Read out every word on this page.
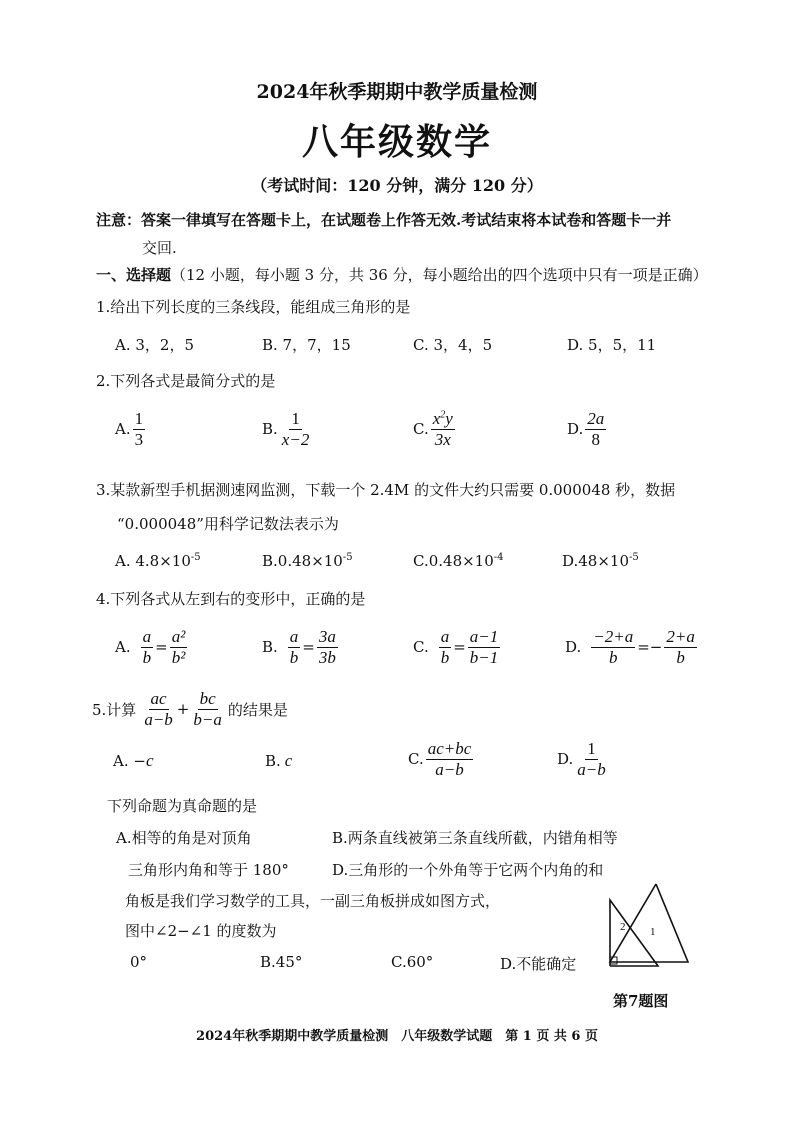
2024年秋季期期中教学质量检测
八年级数学
（考试时间：120 分钟，满分 120 分）
注意：答案一律填写在答题卡上，在试题卷上作答无效.考试结束将本试卷和答题卡一并
交回.
一、选择题（12 小题，每小题 3 分，共 36 分，每小题给出的四个选项中只有一项是正确）
1.给出下列长度的三条线段，能组成三角形的是
A. 3，2，5	B. 7，7，15	C. 3，4，5	D. 5，5，11
2.下列各式是最简分式的是
A. $\frac{1}{3}$	B. $\frac{1}{x-2}$	C. $\frac{x^2y}{3x}$	D. $\frac{2a}{8}$
3.某款新型手机据测速网监测，下载一个 2.4M 的文件大约只需要 0.000048 秒，数据
“0.000048”用科学记数法表示为
A. $4.8\times 10^{-5}$	$B.0.48\times 10^{-5}$	$C.0.48\times 10^{-4}$	$D.48\times 10^{-5}$
4.下列各式从左到右的变形中，正确的是
A. $\frac{a}{b} = \frac{\text{a²}}{\text{b²}}$	B. $\frac{a}{b} = \frac{3a}{3b}$	C. $\frac{a}{b} = \frac{a-1}{b-1}$	D. $\frac{-2+a}{b} =- \frac{2+a}{b}$
5.计算 $\frac{ac}{a-b} + \frac{bc}{b-a}$ 的结果是
A. − c	B. c	C. $\frac{ac+bc}{a-b}$	D. $\frac{1}{a-b}$
下列命题为真命题的是
A.相等的角是对顶角	B.两条直线被第三条直线所截，内错角相等
三角形内角和等于 180°	D.三角形的一个外角等于它两个内角的和
角板是我们学习数学的工具，一副三角板拼成如图方式，
图中∠2−∠1 的度数为
0°	B.45°	C.60°	D.不能确定
2 1
第7题图
2024年秋季期期中教学质量检测　八年级数学试题　第 1 页 共 6 页
